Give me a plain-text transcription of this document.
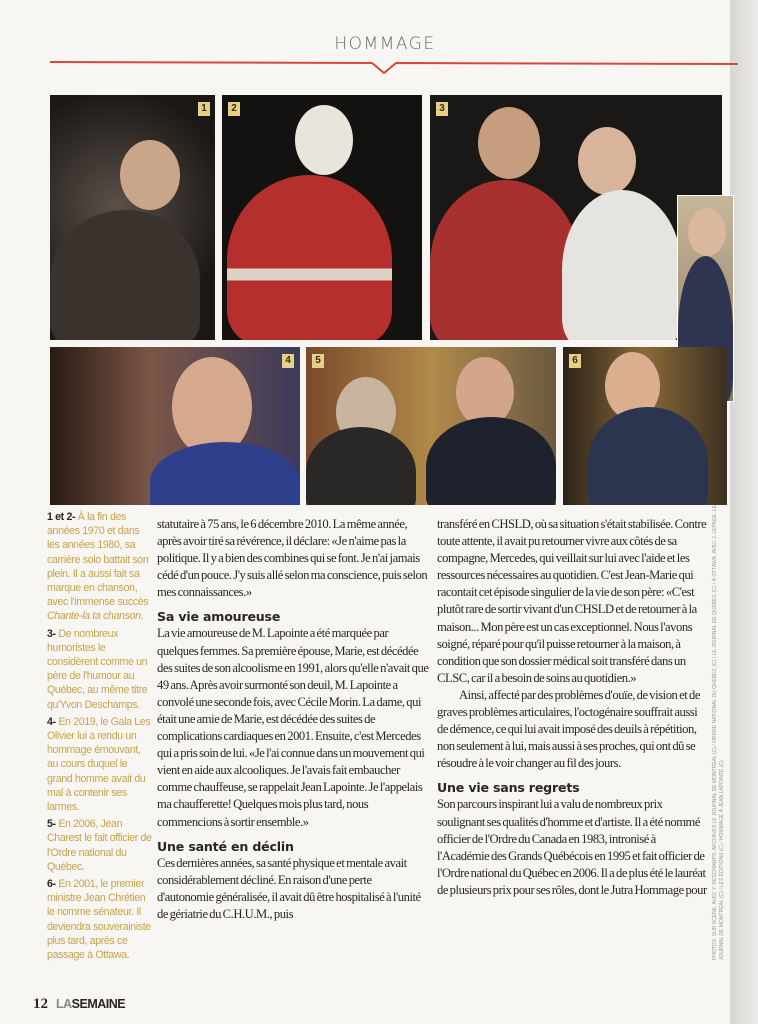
HOMMAGE
1	2	3
4	5	6

1 et 2- À la fin des années 1970 et dans les années 1980, sa carrière solo battait son plein. Il a aussi fait sa marque en chanson, avec l'immense succès Chante-la ta chanson.

3- De nombreux humoristes le considèrent comme un père de l'humour au Québec, au même titre qu'Yvon Deschamps.

4- En 2019, le Gala Les Olivier lui a rendu un hommage émouvant, au cours duquel le grand homme avait du mal à contenir ses larmes.

5- En 2006, Jean Charest le fait officier de l'Ordre national du Québec.

6- En 2001, le premier ministre Jean Chrétien le nomme sénateur. Il deviendra souverainiste plus tard, après ce passage à Ottawa.

statutaire à 75 ans, le 6 décembre 2010. La même année, après avoir tiré sa révérence, il déclare: «Je n'aime pas la politique. Il y a bien des combines qui se font. Je n'ai jamais cédé d'un pouce. J'y suis allé selon ma conscience, puis selon mes connaissances.»

Sa vie amoureuse

La vie amoureuse de M. Lapointe a été marquée par quelques femmes. Sa première épouse, Marie, est décédée des suites de son alcoolisme en 1991, alors qu'elle n'avait que 49 ans. Après avoir surmonté son deuil, M. Lapointe a convolé une seconde fois, avec Cécile Morin. La dame, qui était une amie de Marie, est décédée des suites de complications cardiaques en 2001. Ensuite, c'est Mercedes qui a pris soin de lui. «Je l'ai connue dans un mouvement qui vient en aide aux alcooliques. Je l'avais fait embaucher comme chauffeuse, se rappelait Jean Lapointe. Je l'appelais ma chaufferette! Quelques mois plus tard, nous commencions à sortir ensemble.»

Une santé en déclin

Ces dernières années, sa santé physique et mentale avait considérablement décliné. En raison d'une perte d'autonomie généralisée, il avait dû être hospitalisé à l'unité de gériatrie du C.H.U.M., puis

transféré en CHSLD, où sa situation s'était stabilisée. Contre toute attente, il avait pu retourner vivre aux côtés de sa compagne, Mercedes, qui veillait sur lui avec l'aide et les ressources nécessaires au quotidien. C'est Jean-Marie qui racontait cet épisode singulier de la vie de son père: «C'est plutôt rare de sortir vivant d'un CHSLD et de retourner à la maison... Mon père est un cas exceptionnel. Nous l'avons soigné, réparé pour qu'il puisse retourner à la maison, à condition que son dossier médical soit transféré dans un CLSC, car il a besoin de soins au quotidien.»

Ainsi, affecté par des problèmes d'ouïe, de vision et de graves problèmes articulaires, l'octogénaire souffrait aussi de démence, ce qui lui avait imposé des deuils à répétition, non seulement à lui, mais aussi à ses proches, qui ont dû se résoudre à le voir changer au fil des jours.

Une vie sans regrets

Son parcours inspirant lui a valu de nombreux prix soulignant ses qualités d'homme et d'artiste. Il a été nommé officier de l'Ordre du Canada en 1983, intronisé à l'Académie des Grands Québécois en 1995 et fait officier de l'Ordre national du Québec en 2006. Il a de plus été le lauréat de plusieurs prix pour ses rôles, dont le Jutra Hommage pour	PHOTOS: SUR SCÈNE, AVEC Y. DESCHAMPS: ARCHIVES LE JOURNAL DE MONTRÉAL (C) / ORDRE NATIONAL DU QUÉBEC (C) / LE JOURNAL DE QUÉBEC (C) / À OTTAWA, AVEC J. LEPAGE: LE JOURNAL DE MONTRÉAL (C) / LES ÉDITIONS (C) / HOMMAGE À JEAN LAPOINTE (C)
12 LASEMAINE
